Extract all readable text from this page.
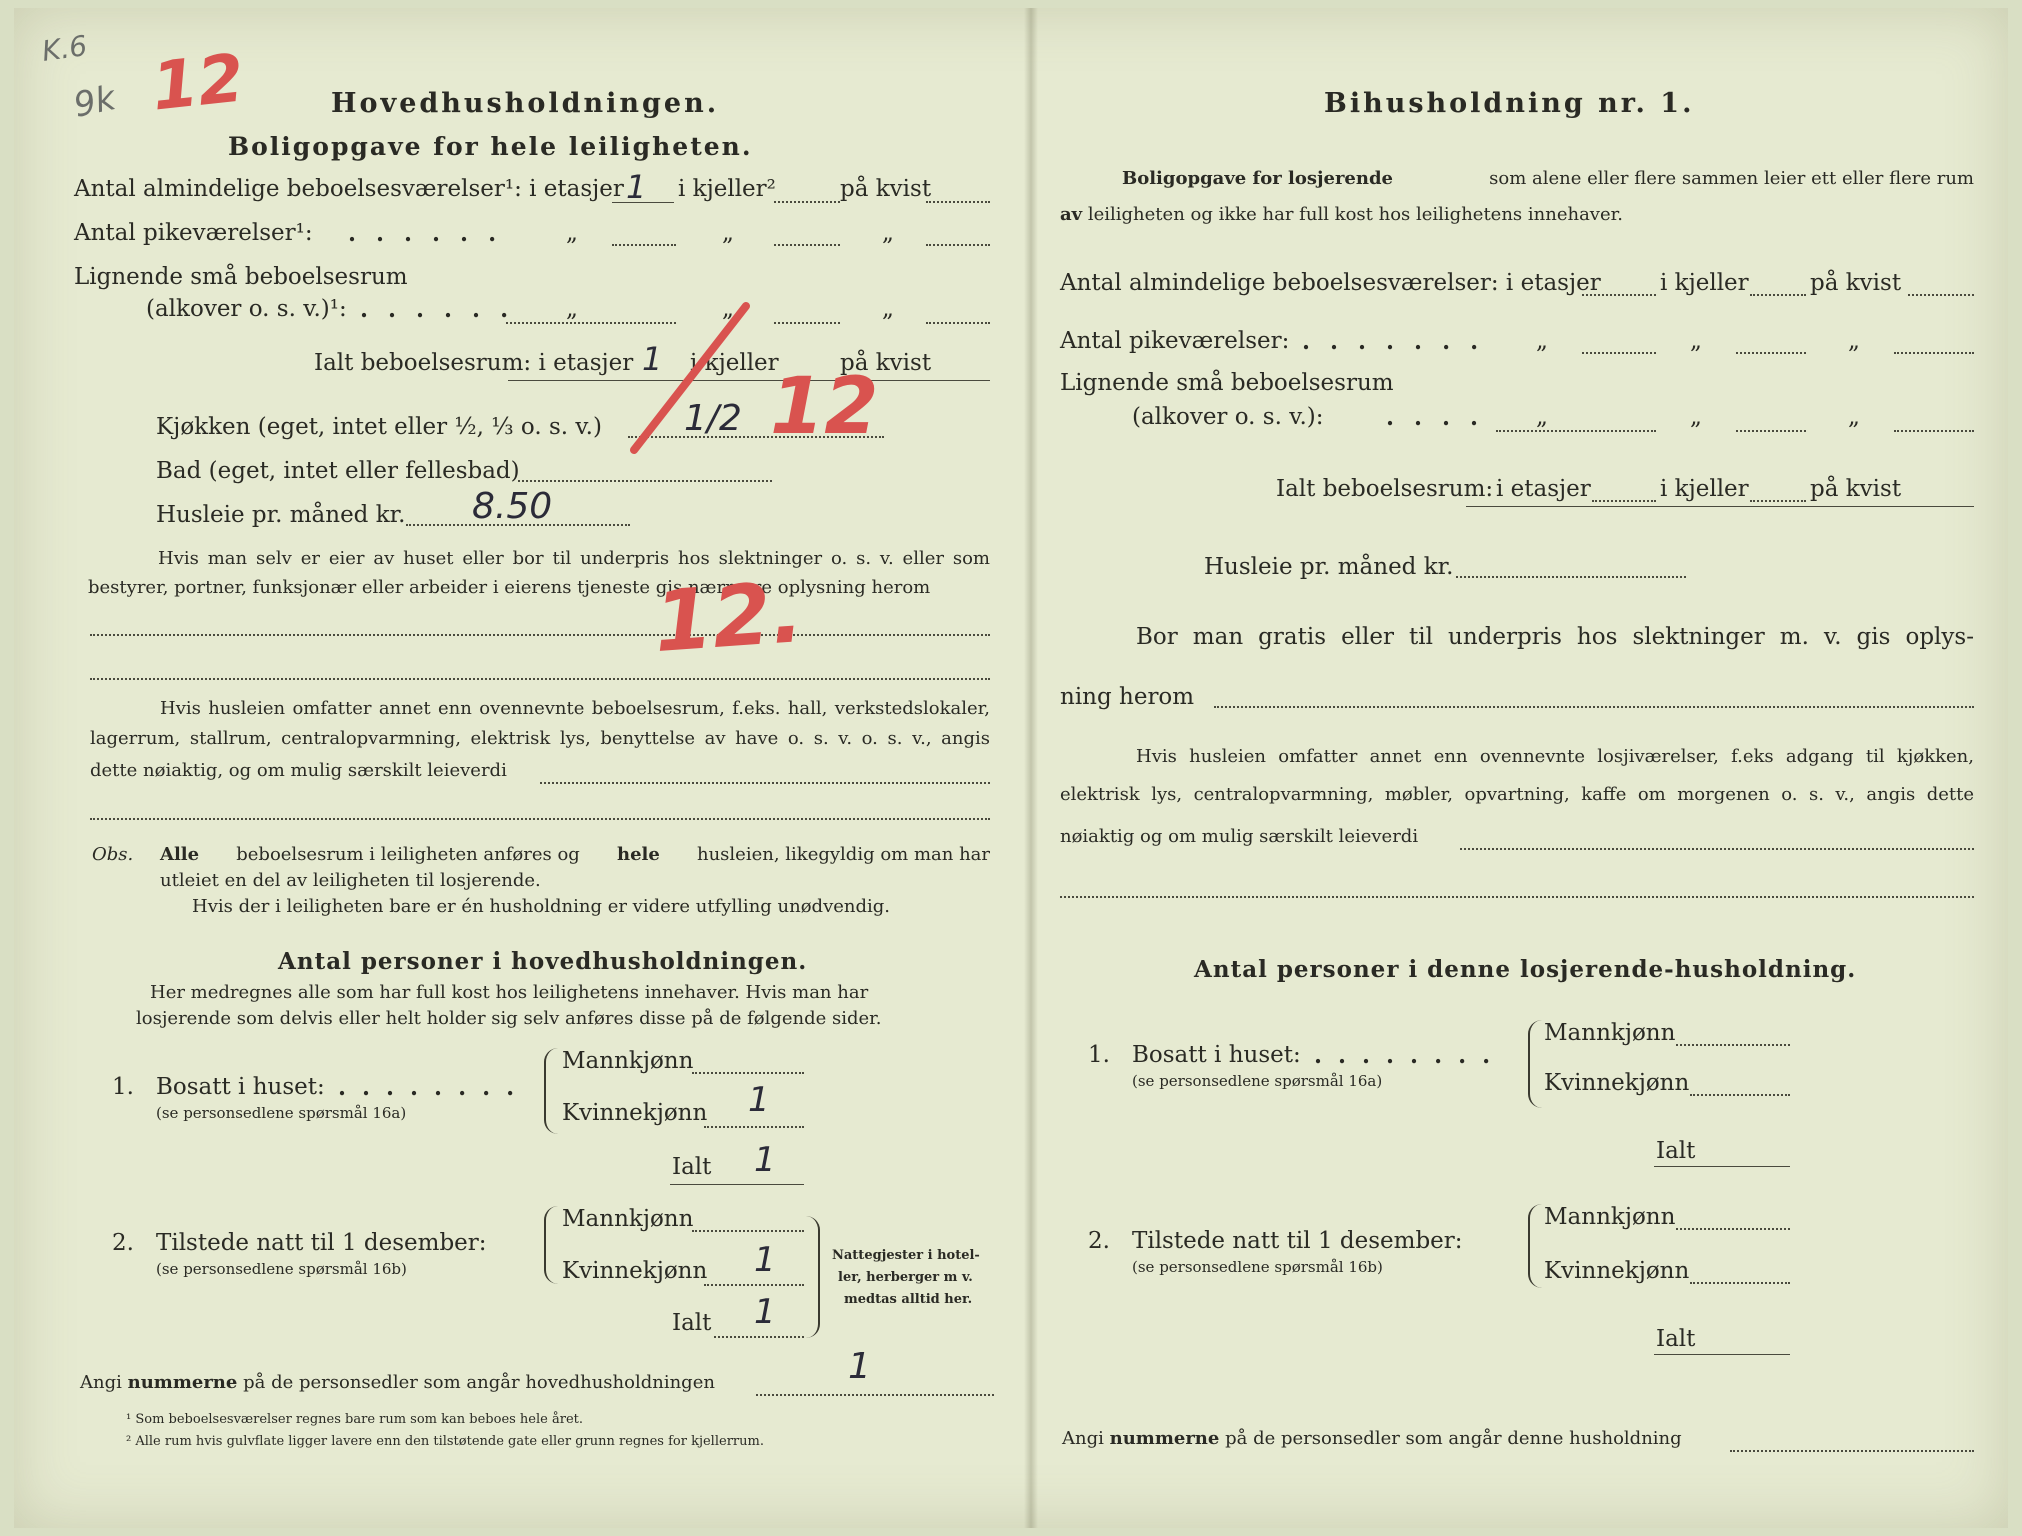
K.6
9k 12	Hovedhusholdningen.
Boligopgave for hele leiligheten.
Antal almindelige beboelsesværelser¹: i etasjer 1 i kjeller²	på kvist
Antal pikeværelser¹: . . . . . .	„	„	„
Lignende små beboelsesrum
(alkover o. s. v.)¹: . . . . . . „	„	„
Ialt beboelsesrum: i etasjer 1 i kjeller	på kvist
Kjøkken (eget, intet eller ½, ⅓ o. s. v.) 1/2
Bad (eget, intet eller fellesbad)
Husleie pr. måned kr. 8.50
Hvis man selv er eier av huset eller bor til underpris hos slektninger o. s. v. eller som bestyrer, portner, funksjonær eller arbeider i eierens tjeneste gis nærmere oplysning herom
Hvis husleien omfatter annet enn ovennevnte beboelsesrum, f.eks. hall, verkstedslokaler,
lagerrum, stallrum, centralopvarmning, elektrisk lys, benyttelse av have o. s. v. o. s. v., angis
dette nøiaktig, og om mulig særskilt leieverdi
Obs. Alle beboelsesrum i leiligheten anføres og hele husleien, likegyldig om man har
utleiet en del av leiligheten til losjerende.
Hvis der i leiligheten bare er én husholdning er videre utfylling unødvendig.
Antal personer i hovedhusholdningen.
Her medregnes alle som har full kost hos leilighetens innehaver. Hvis man har
losjerende som delvis eller helt holder sig selv anføres disse på de følgende sider.
1. Bosatt i huset: . . . . . . . .
(se personsedlene spørsmål 16a)
Mannkjønn
Kvinnekjønn 1
Ialt 1
2. Tilstede natt til 1 desember:
(se personsedlene spørsmål 16b)
Mannkjønn
Kvinnekjønn 1
Ialt 1
Nattegjester i hotel-
ler, herberger m v.
medtas alltid her.
Angi nummerne på de personsedler som angår hovedhusholdningen	1
¹ Som beboelsesværelser regnes bare rum som kan beboes hele året.
² Alle rum hvis gulvflate ligger lavere enn den tilstøtende gate eller grunn regnes for kjellerrum.
12
12.
Bihusholdning nr. 1.
Boligopgave for losjerende	som alene eller flere sammen leier ett eller flere rum
av leiligheten og ikke har full kost hos leilighetens innehaver.
Antal almindelige beboelsesværelser: i etasjer	i kjeller	på kvist
Antal pikeværelser: . . . . . . . „	„	„
Lignende små beboelsesrum
(alkover o. s. v.):	. . . . „	„	„
Ialt beboelsesrum: i etasjer	i kjeller	på kvist
Husleie pr. måned kr.
Bor man gratis eller til underpris hos slektninger m. v. gis oplys-
ning herom
Hvis husleien omfatter annet enn ovennevnte losjiværelser, f.eks adgang til kjøkken,
elektrisk lys, centralopvarmning, møbler, opvartning, kaffe om morgenen o. s. v., angis dette
nøiaktig og om mulig særskilt leieverdi
Antal personer i denne losjerende-husholdning.
1. Bosatt i huset: . . . . . . . .
(se personsedlene spørsmål 16a)
Mannkjønn
Kvinnekjønn
Ialt
2. Tilstede natt til 1 desember:
(se personsedlene spørsmål 16b)
Mannkjønn
Kvinnekjønn
Ialt
Angi nummerne på de personsedler som angår denne husholdning
